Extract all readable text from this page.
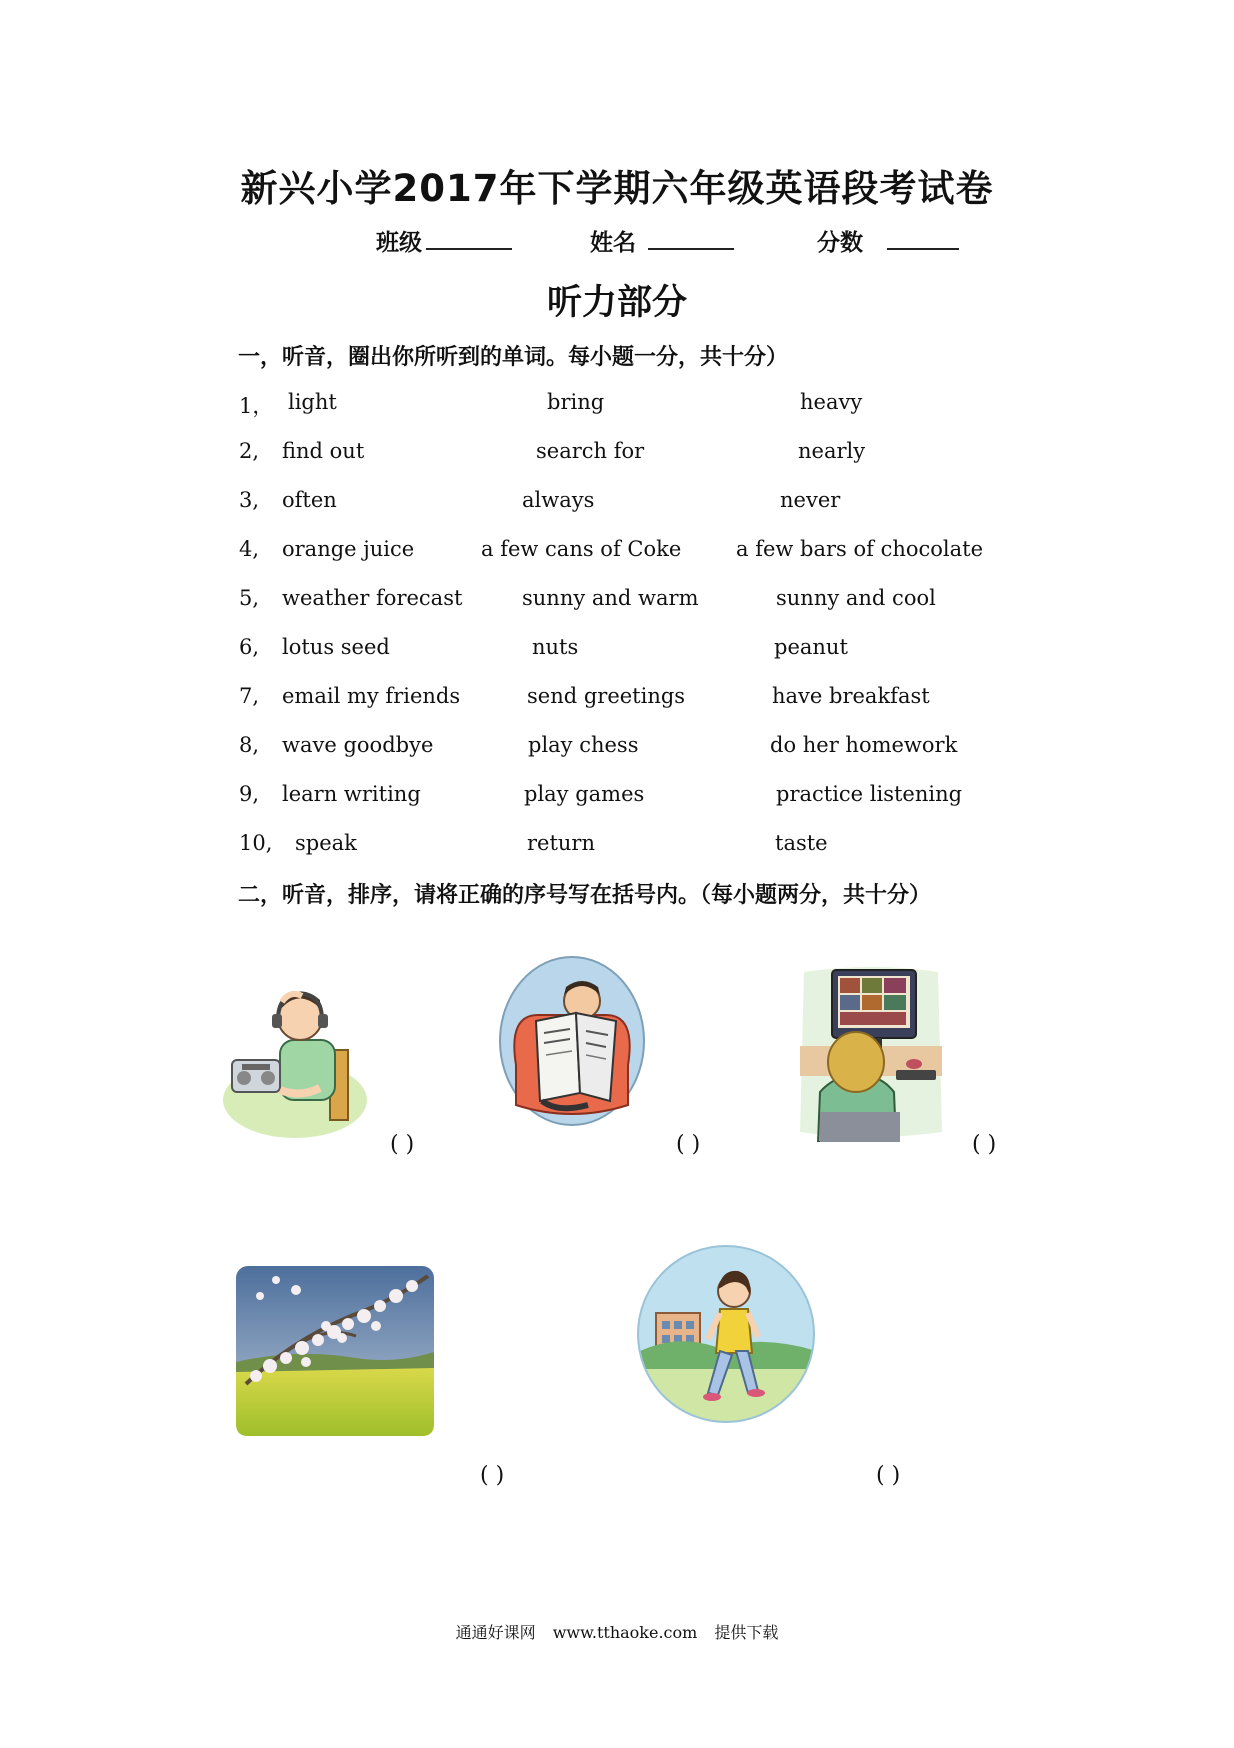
新兴小学2017年下学期六年级英语段考试卷
班级	姓名	分数
听力部分
一，听音，圈出你所听到的单词。每小题一分，共十分）
1， light	bring	heavy
2, find out	search for	nearly
3, often	always	never
4, orange juice	a few cans of Coke	a few bars of chocolate
5, weather forecast	sunny and warm	sunny and cool
6, lotus seed	nuts	peanut
7, email my friends	send greetings	have breakfast
8, wave goodbye	play chess	do her homework
9, learn writing	play games	practice listening
10, speak	return	taste
二，听音，排序，请将正确的序号写在括号内。（每小题两分，共十分）
( )	( )	( )
( )	( )
通通好课网 www.tthaoke.com 提供下载
